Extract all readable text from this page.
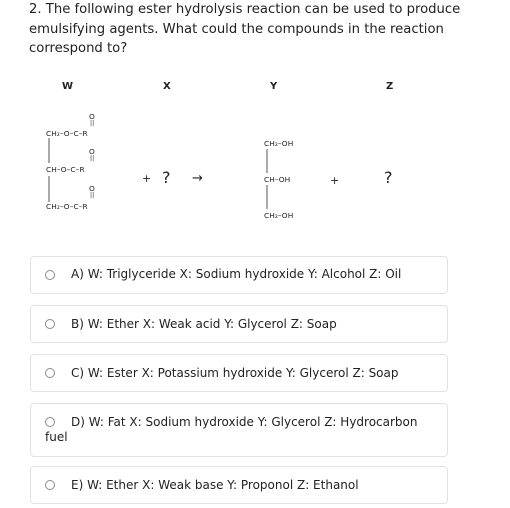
2. The following ester hydrolysis reaction can be used to produce emulsifying agents. What could the compounds in the reaction correspond to?
W	X	Y	Z
O
||
CH₂–O–C–R
O
||
CH–O–C–R
O
||
CH₂–O–C–R
+ ? →
CH₂–OH
CH–OH
CH₂–OH
+	?
A) W: Triglyceride X: Sodium hydroxide Y: Alcohol Z: Oil
B) W: Ether X: Weak acid Y: Glycerol Z: Soap
C) W: Ester X: Potassium hydroxide Y: Glycerol Z: Soap
D) W: Fat X: Sodium hydroxide Y: Glycerol Z: Hydrocarbon
fuel
E) W: Ether X: Weak base Y: Proponol Z: Ethanol
